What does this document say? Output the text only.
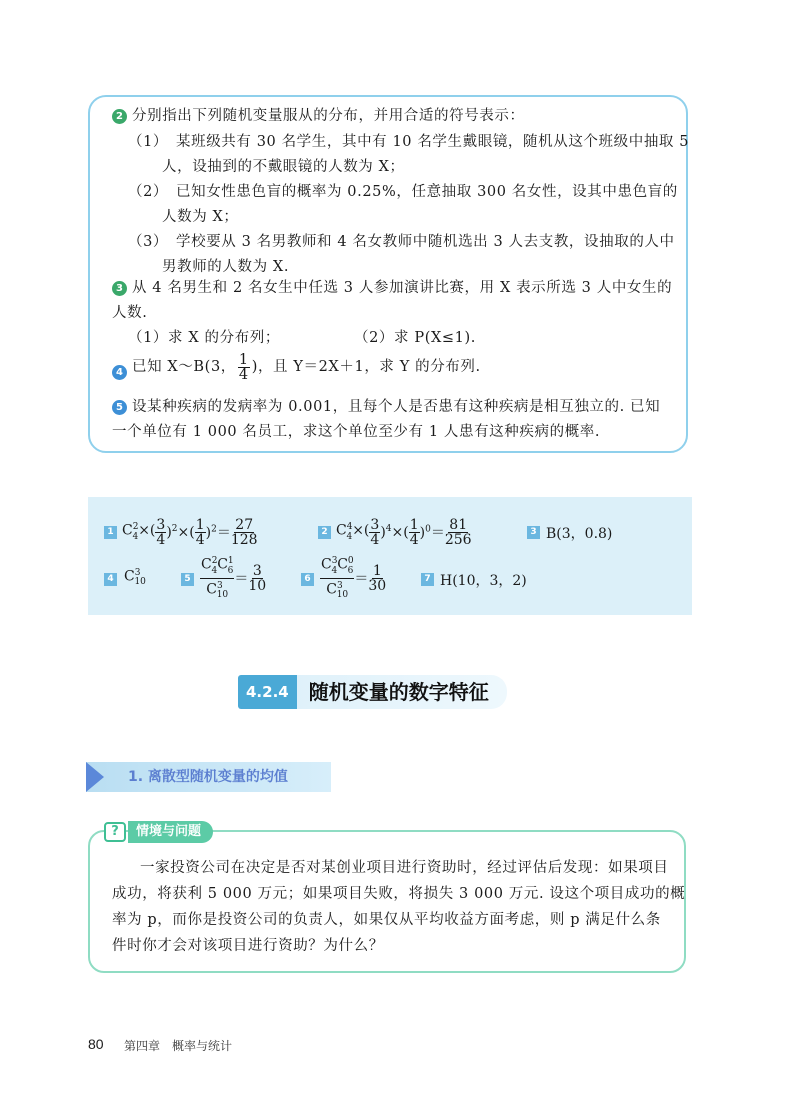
2 分别指出下列随机变量服从的分布，并用合适的符号表示：
（1） 某班级共有 30 名学生，其中有 10 名学生戴眼镜，随机从这个班级中抽取 5
人，设抽到的不戴眼镜的人数为 X；
（2） 已知女性患色盲的概率为 0.25%，任意抽取 300 名女性，设其中患色盲的
人数为 X；
（3） 学校要从 3 名男教师和 4 名女教师中随机选出 3 人去支教，设抽取的人中
男教师的人数为 X.
3 从 4 名男生和 2 名女生中任选 3 人参加演讲比赛，用 X 表示所选 3 人中女生的
人数.
（1）求 X 的分布列；	（2）求 P(X≤1).
4 已知 X～B(3， $\frac{1}{4}$ )，且 Y＝2X＋1，求 Y 的分布列.
5 设某种疾病的发病率为 0.001，且每个人是否患有这种疾病是相互独立的. 已知
一个单位有 1 000 名员工，求这个单位至少有 1 人患有这种疾病的概率.
1 $C^2_4\times( \frac{3}{4} )^2\times( \frac{1}{4} )^2= \frac{27}{128}$	2 $C^4_4\times( \frac{3}{4} )^4\times( \frac{1}{4} )^0= \frac{81}{256}$	3 B(3，0.8)
4 $C^3_{10}$	$5 \frac{C^2_4C^1_6}{C^3_{10}} = \frac{3}{10}$	$6 \frac{C^3_4C^0_6}{C^3_{10}} = \frac{1}{30}$	7 H(10，3，2)
4.2.4	随机变量的数字特征
1. 离散型随机变量的均值
?	情境与问题
一家投资公司在决定是否对某创业项目进行资助时，经过评估后发现：如果项目
成功，将获利 5 000 万元；如果项目失败，将损失 3 000 万元. 设这个项目成功的概
率为 p，而你是投资公司的负责人，如果仅从平均收益方面考虑，则 p 满足什么条
件时你才会对该项目进行资助？为什么？
80 第四章　概率与统计
